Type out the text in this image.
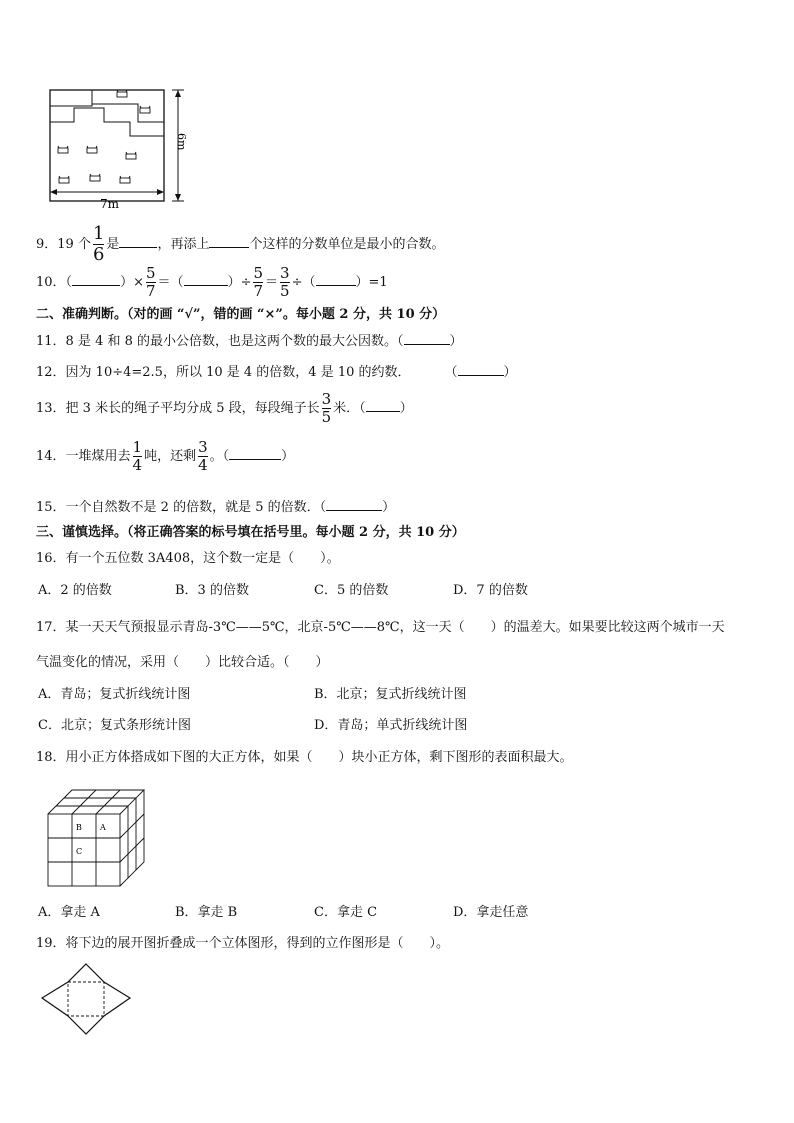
6m
7m
9．19 个 $\frac{1}{6}$ 是	，再添上	个这样的分数单位是最小的合数。
10．（	）× $\frac{5}{7}$ ＝（	）÷ $\frac{5}{7} = \frac{3}{5}$ ÷（	）=1
二、准确判断。（对的画 “√”，错的画 “×”。每小题 2 分，共 10 分）
11．8 是 4 和 8 的最小公倍数，也是这两个数的最大公因数。（	）
12．因为 10÷4=2.5，所以 10 是 4 的倍数，4 是 10 的约数．	（	）
13．把 3 米长的绳子平均分成 5 段，每段绳子长 $\frac{3}{5}$ 米．（	）
14．一堆煤用去 $\frac{1}{4}$ 吨，还剩 $\frac{3}{4}$ 。（	）
15．一个自然数不是 2 的倍数，就是 5 的倍数．（	）
三、谨慎选择。（将正确答案的标号填在括号里。每小题 2 分，共 10 分）
16．有一个五位数 3A408，这个数一定是（　　）。
A．2 的倍数	B．3 的倍数	C．5 的倍数	D．7 的倍数
17．某一天天气预报显示青岛-3℃——5℃，北京-5℃——8℃，这一天（　　）的温差大。如果要比较这两个城市一天
气温变化的情况，采用（　　）比较合适。（　　）
A．青岛；复式折线统计图	B．北京；复式折线统计图
C．北京；复式条形统计图	D．青岛；单式折线统计图
18．用小正方体搭成如下图的大正方体，如果（　　）块小正方体，剩下图形的表面积最大。
B A
C
A．拿走 A	B．拿走 B	C．拿走 C	D．拿走任意
19．将下边的展开图折叠成一个立体图形，得到的立作图形是（　　）。
